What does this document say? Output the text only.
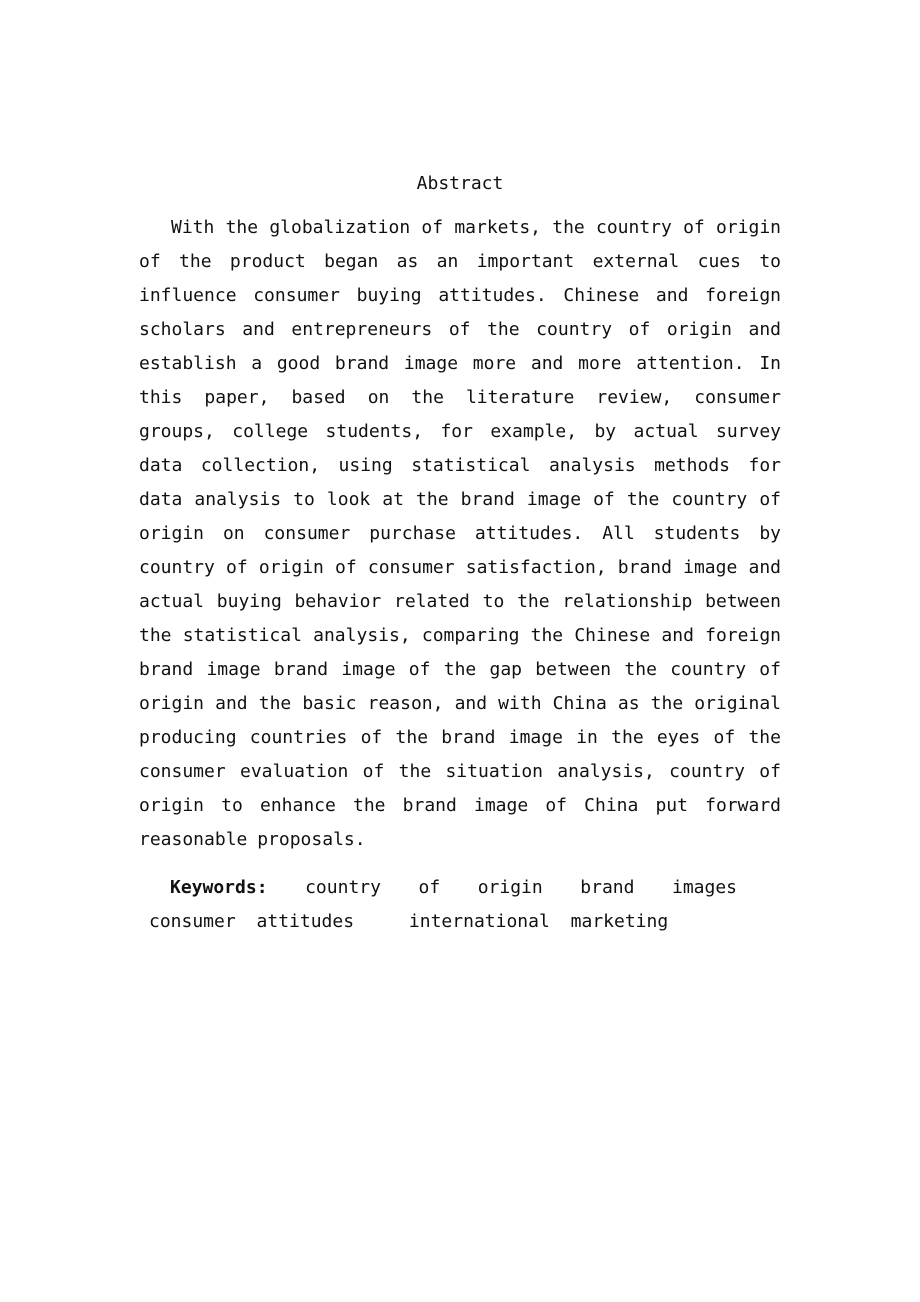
Abstract

With the globalization of markets, the country of origin of the product began as an important external cues to influence consumer buying attitudes. Chinese and foreign scholars and entrepreneurs of the country of origin and establish a good brand image more and more attention. In this paper, based on the literature review, consumer groups, college students, for example, by actual survey data collection, using statistical analysis methods for data analysis to look at the brand image of the country of origin on consumer purchase attitudes. All students by country of origin of consumer satisfaction, brand image and actual buying behavior related to the relationship between the statistical analysis, comparing the Chinese and foreign brand image brand image of the gap between the country of origin and the basic reason, and with China as the original producing countries of the brand image in the eyes of the consumer evaluation of the situation analysis, country of origin to enhance the brand image of China put forward reasonable proposals.

Keywords: country of origin brand images consumer attitudes	international marketing
